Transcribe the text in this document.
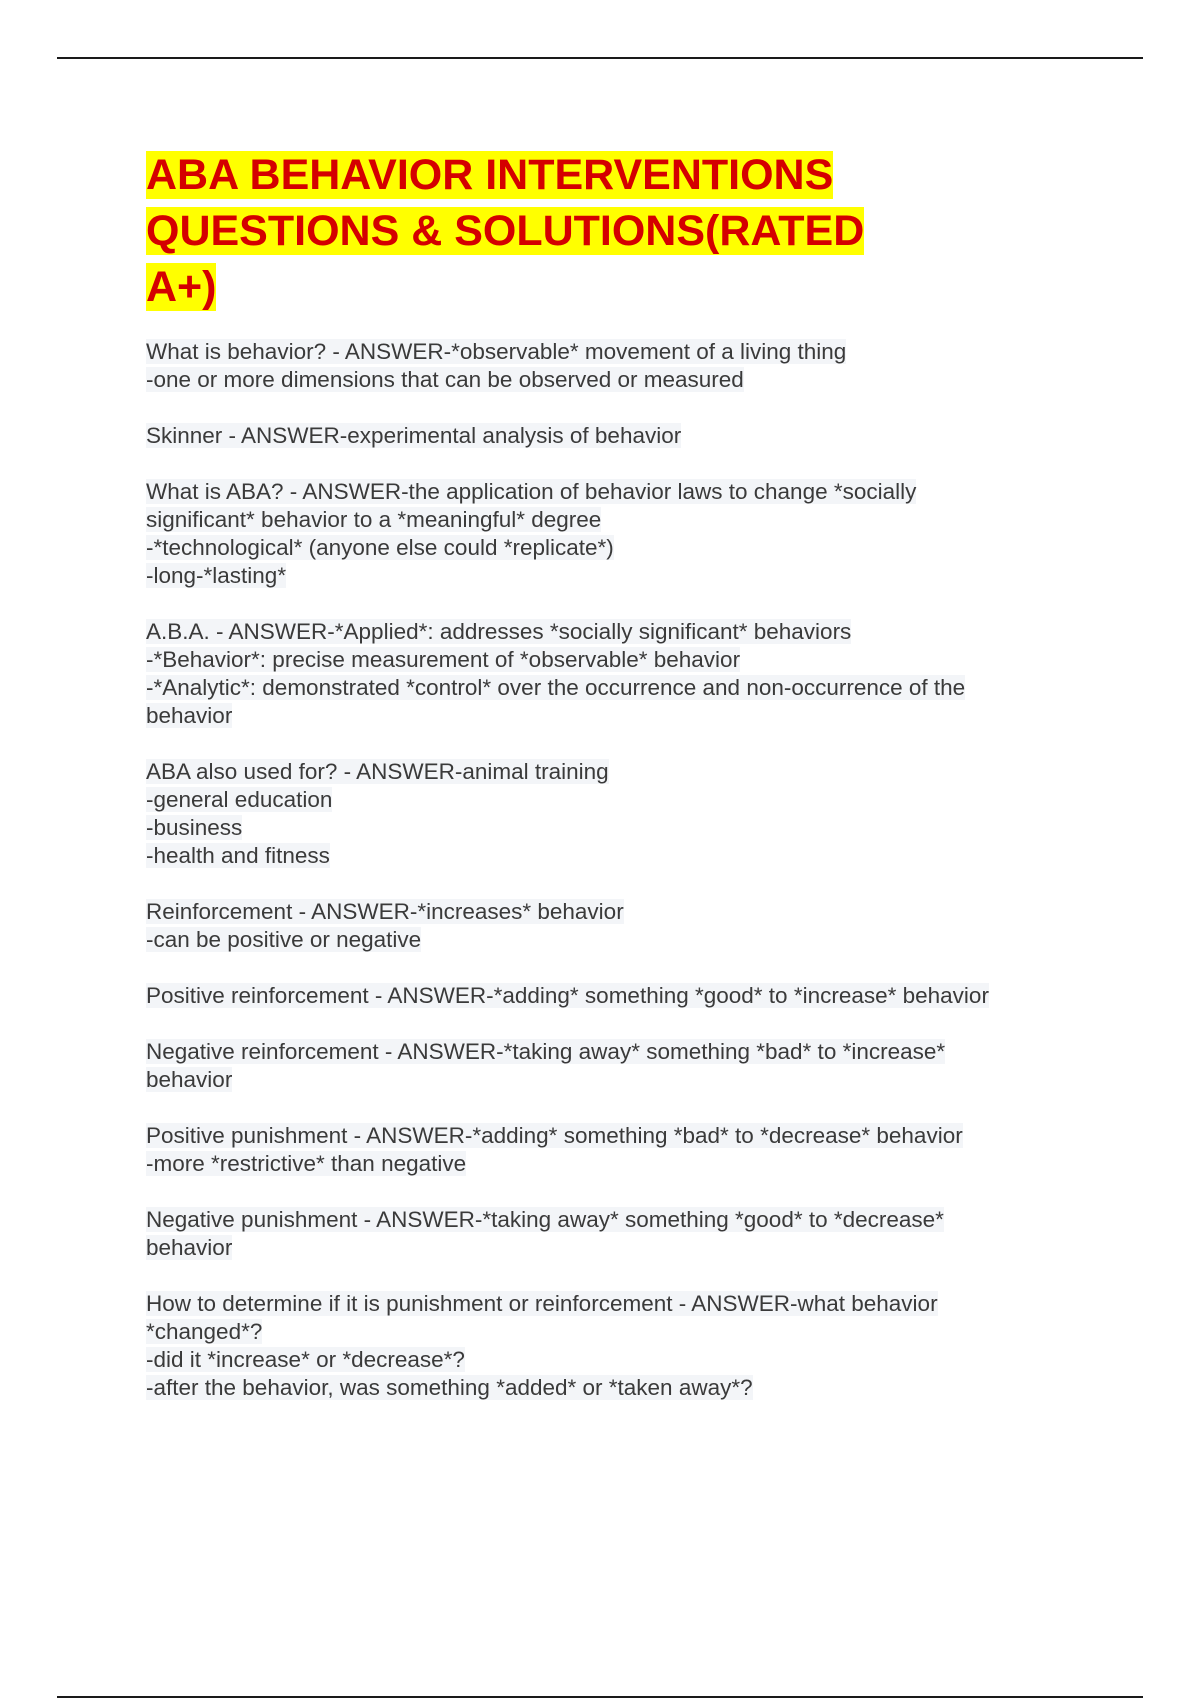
ABA BEHAVIOR INTERVENTIONS
QUESTIONS & SOLUTIONS(RATED
A+)
What is behavior? - ANSWER-*observable* movement of a living thing
-one or more dimensions that can be observed or measured
Skinner - ANSWER-experimental analysis of behavior
What is ABA? - ANSWER-the application of behavior laws to change *socially
significant* behavior to a *meaningful* degree
-*technological* (anyone else could *replicate*)
-long-*lasting*
A.B.A. - ANSWER-*Applied*: addresses *socially significant* behaviors
-*Behavior*: precise measurement of *observable* behavior
-*Analytic*: demonstrated *control* over the occurrence and non-occurrence of the
behavior
ABA also used for? - ANSWER-animal training
-general education
-business
-health and fitness
Reinforcement - ANSWER-*increases* behavior
-can be positive or negative
Positive reinforcement - ANSWER-*adding* something *good* to *increase* behavior
Negative reinforcement - ANSWER-*taking away* something *bad* to *increase*
behavior
Positive punishment - ANSWER-*adding* something *bad* to *decrease* behavior
-more *restrictive* than negative
Negative punishment - ANSWER-*taking away* something *good* to *decrease*
behavior
How to determine if it is punishment or reinforcement - ANSWER-what behavior
*changed*?
-did it *increase* or *decrease*?
-after the behavior, was something *added* or *taken away*?
